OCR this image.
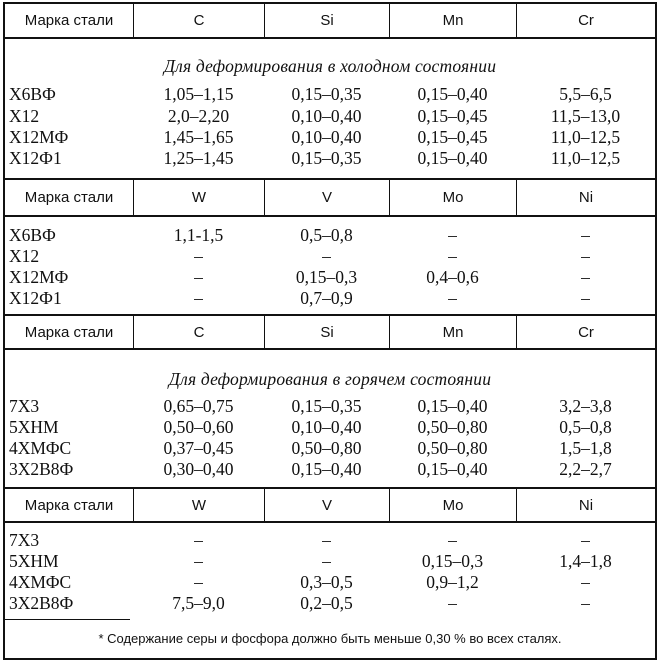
Марка стали	C	Si	Mn	Cr
Для деформирования в холодном состоянии
Х6ВФ	1,05–1,15	0,15–0,35	0,15–0,40	5,5–6,5
Х12	2,0–2,20	0,10–0,40	0,15–0,45	11,5–13,0
Х12МФ	1,45–1,65	0,10–0,40	0,15–0,45	11,0–12,5
Х12Ф1	1,25–1,45	0,15–0,35	0,15–0,40	11,0–12,5
Марка стали	W	V	Mo	Ni
Х6ВФ	1,1-1,5	0,5–0,8	–	–
Х12	–	–	–	–
Х12МФ	–	0,15–0,3	0,4–0,6	–
Х12Ф1	–	0,7–0,9	–	–
Марка стали	C	Si	Mn	Cr
Для деформирования в горячем состоянии
7Х3	0,65–0,75	0,15–0,35	0,15–0,40	3,2–3,8
5ХНМ	0,50–0,60	0,10–0,40	0,50–0,80	0,5–0,8
4ХМФС	0,37–0,45	0,50–0,80	0,50–0,80	1,5–1,8
3Х2В8Ф	0,30–0,40	0,15–0,40	0,15–0,40	2,2–2,7
Марка стали	W	V	Mo	Ni
7Х3	–	–	–	–
5ХНМ	–	–	0,15–0,3	1,4–1,8
4ХМФС	–	0,3–0,5	0,9–1,2	–
3Х2В8Ф	7,5–9,0	0,2–0,5	–	–
* Содержание серы и фосфора должно быть меньше 0,30 % во всех сталях.
